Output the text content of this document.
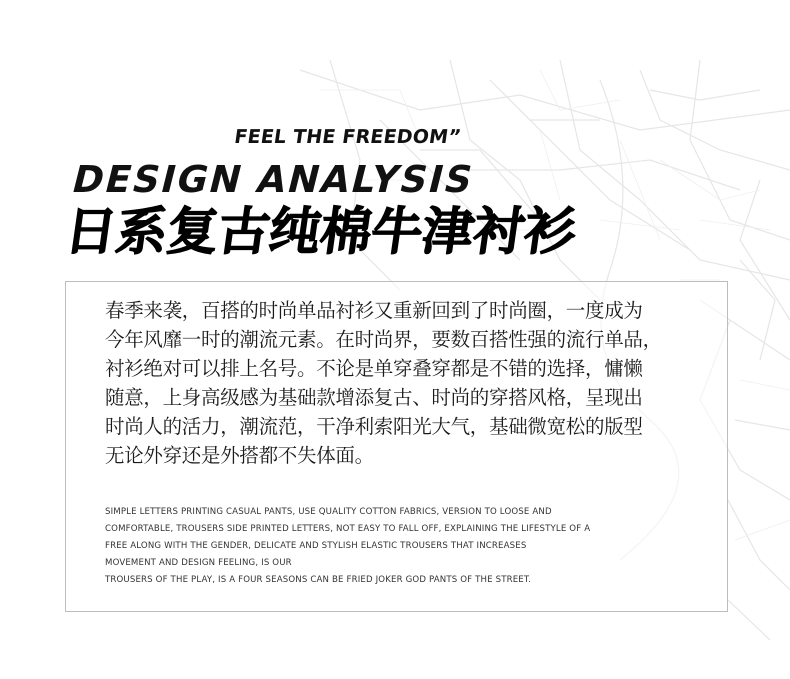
FEEL THE FREEDOM”
DESIGN ANALYSIS
日系复古纯棉牛津衬衫
春季来袭，百搭的时尚单品衬衫又重新回到了时尚圈，一度成为
今年风靡一时的潮流元素。在时尚界，要数百搭性强的流行单品，
衬衫绝对可以排上名号。不论是单穿叠穿都是不错的选择，慵懒
随意，上身高级感为基础款增添复古、时尚的穿搭风格，呈现出
时尚人的活力，潮流范，干净利索阳光大气，基础微宽松的版型
无论外穿还是外搭都不失体面。
SIMPLE LETTERS PRINTING CASUAL PANTS, USE QUALITY COTTON FABRICS, VERSION TO LOOSE AND
COMFORTABLE, TROUSERS SIDE PRINTED LETTERS, NOT EASY TO FALL OFF, EXPLAINING THE LIFESTYLE OF A
FREE ALONG WITH THE GENDER, DELICATE AND STYLISH ELASTIC TROUSERS THAT INCREASES
MOVEMENT AND DESIGN FEELING, IS OUR
TROUSERS OF THE PLAY, IS A FOUR SEASONS CAN BE FRIED JOKER GOD PANTS OF THE STREET.
